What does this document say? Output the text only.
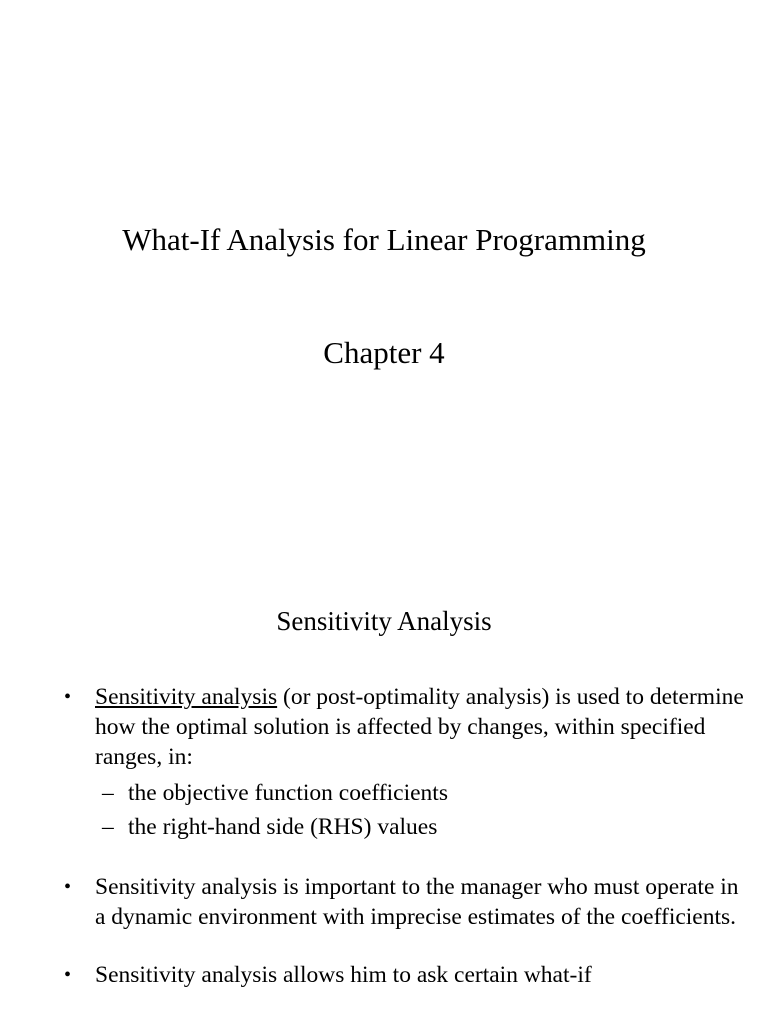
What-If Analysis for Linear Programming
Chapter 4
Sensitivity Analysis
• Sensitivity analysis (or post-optimality analysis) is used to determine how the optimal solution is affected by changes, within specified ranges, in:
– the objective function coefficients
– the right-hand side (RHS) values
• Sensitivity analysis is important to the manager who must operate in a dynamic environment with imprecise estimates of the coefficients.
• Sensitivity analysis allows him to ask certain what-if
